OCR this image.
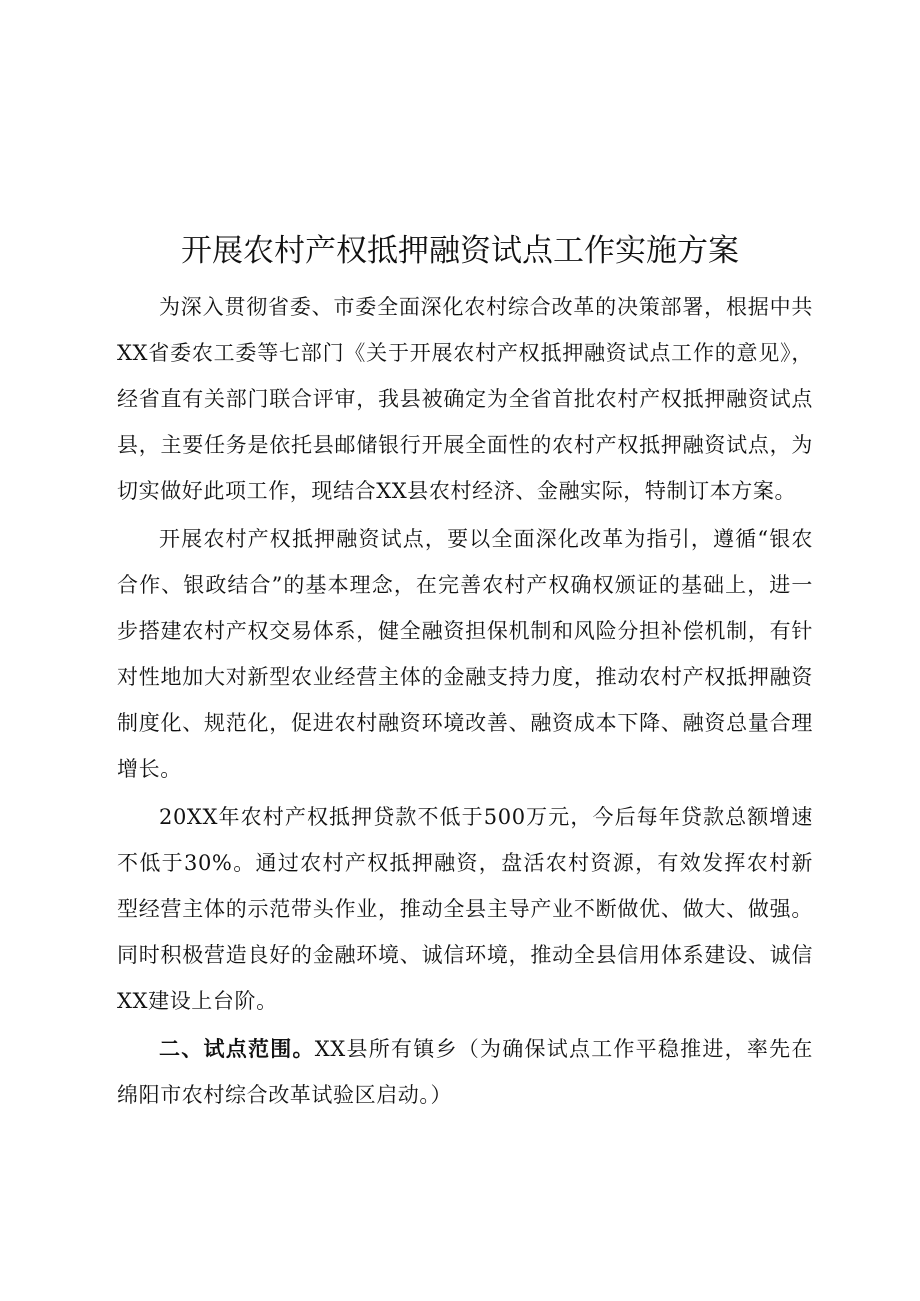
开展农村产权抵押融资试点工作实施方案

为深入贯彻省委、市委全面深化农村综合改革的决策部署，根据中共XX省委农工委等七部门《关于开展农村产权抵押融资试点工作的意见》，经省直有关部门联合评审，我县被确定为全省首批农村产权抵押融资试点县，主要任务是依托县邮储银行开展全面性的农村产权抵押融资试点，为切实做好此项工作，现结合XX县农村经济、金融实际，特制订本方案。

开展农村产权抵押融资试点，要以全面深化改革为指引，遵循“银农合作、银政结合”的基本理念，在完善农村产权确权颁证的基础上，进一步搭建农村产权交易体系，健全融资担保机制和风险分担补偿机制，有针对性地加大对新型农业经营主体的金融支持力度，推动农村产权抵押融资制度化、规范化，促进农村融资环境改善、融资成本下降、融资总量合理增长。

20XX年农村产权抵押贷款不低于500万元，今后每年贷款总额增速不低于30%。通过农村产权抵押融资，盘活农村资源，有效发挥农村新型经营主体的示范带头作业，推动全县主导产业不断做优、做大、做强。同时积极营造良好的金融环境、诚信环境，推动全县信用体系建设、诚信XX建设上台阶。

二、试点范围。XX县所有镇乡（为确保试点工作平稳推进，率先在绵阳市农村综合改革试验区启动。）
